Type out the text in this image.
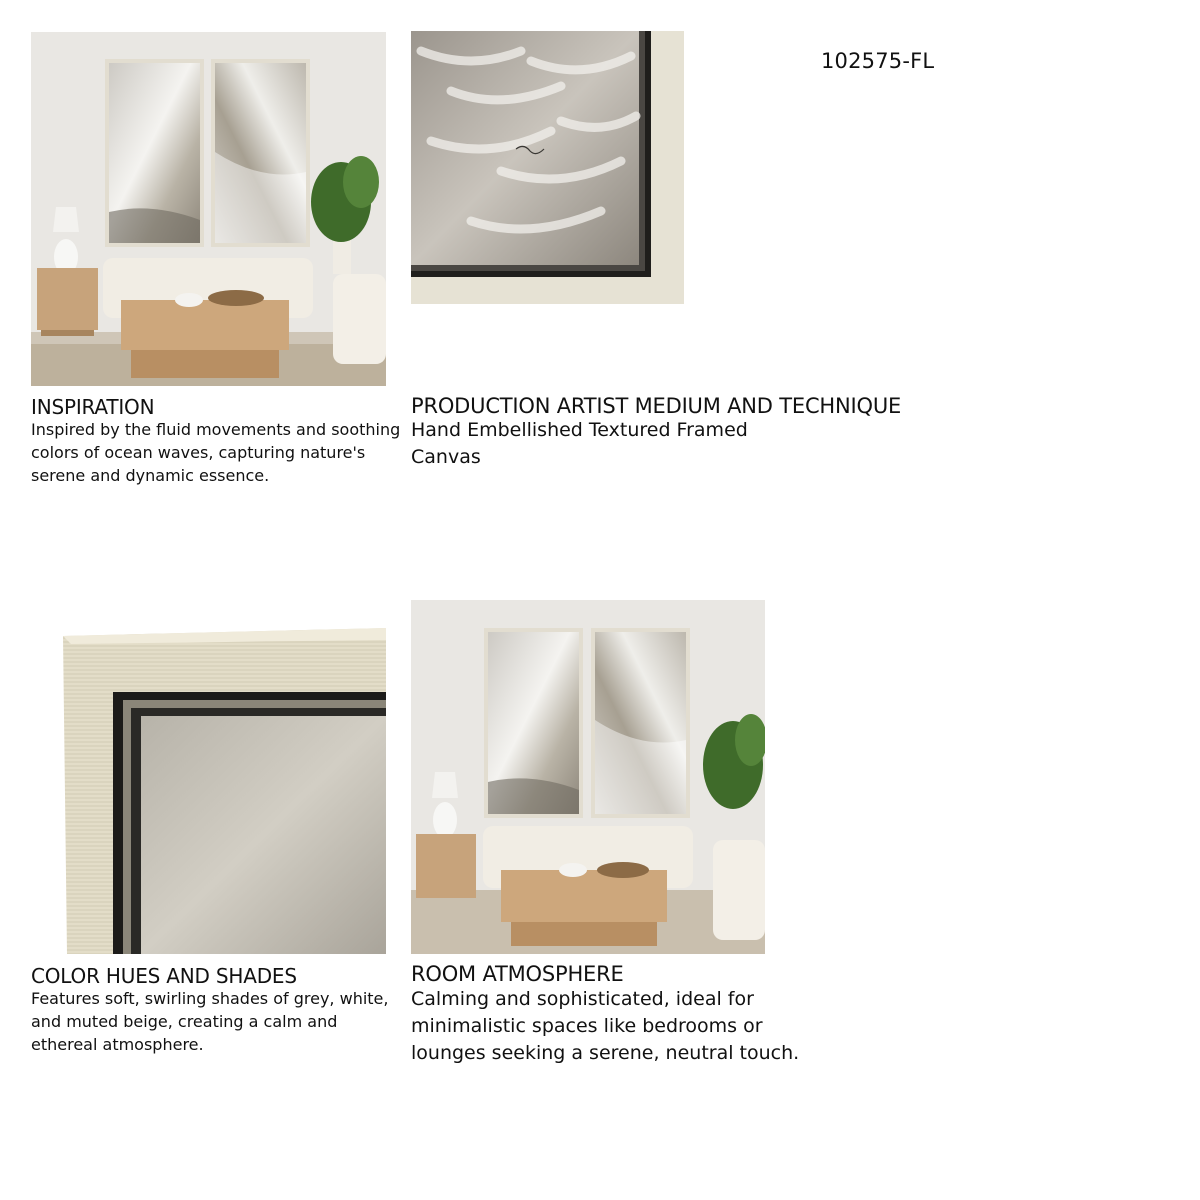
102575-FL
INSPIRATION
Inspired by the fluid movements and soothing
colors of ocean waves, capturing nature's
serene and dynamic essence.
PRODUCTION ARTIST MEDIUM AND TECHNIQUE
Hand Embellished Textured Framed
Canvas
COLOR HUES AND SHADES
Features soft, swirling shades of grey, white,
and muted beige, creating a calm and
ethereal atmosphere.
ROOM ATMOSPHERE
Calming and sophisticated, ideal for
minimalistic spaces like bedrooms or
lounges seeking a serene, neutral touch.
